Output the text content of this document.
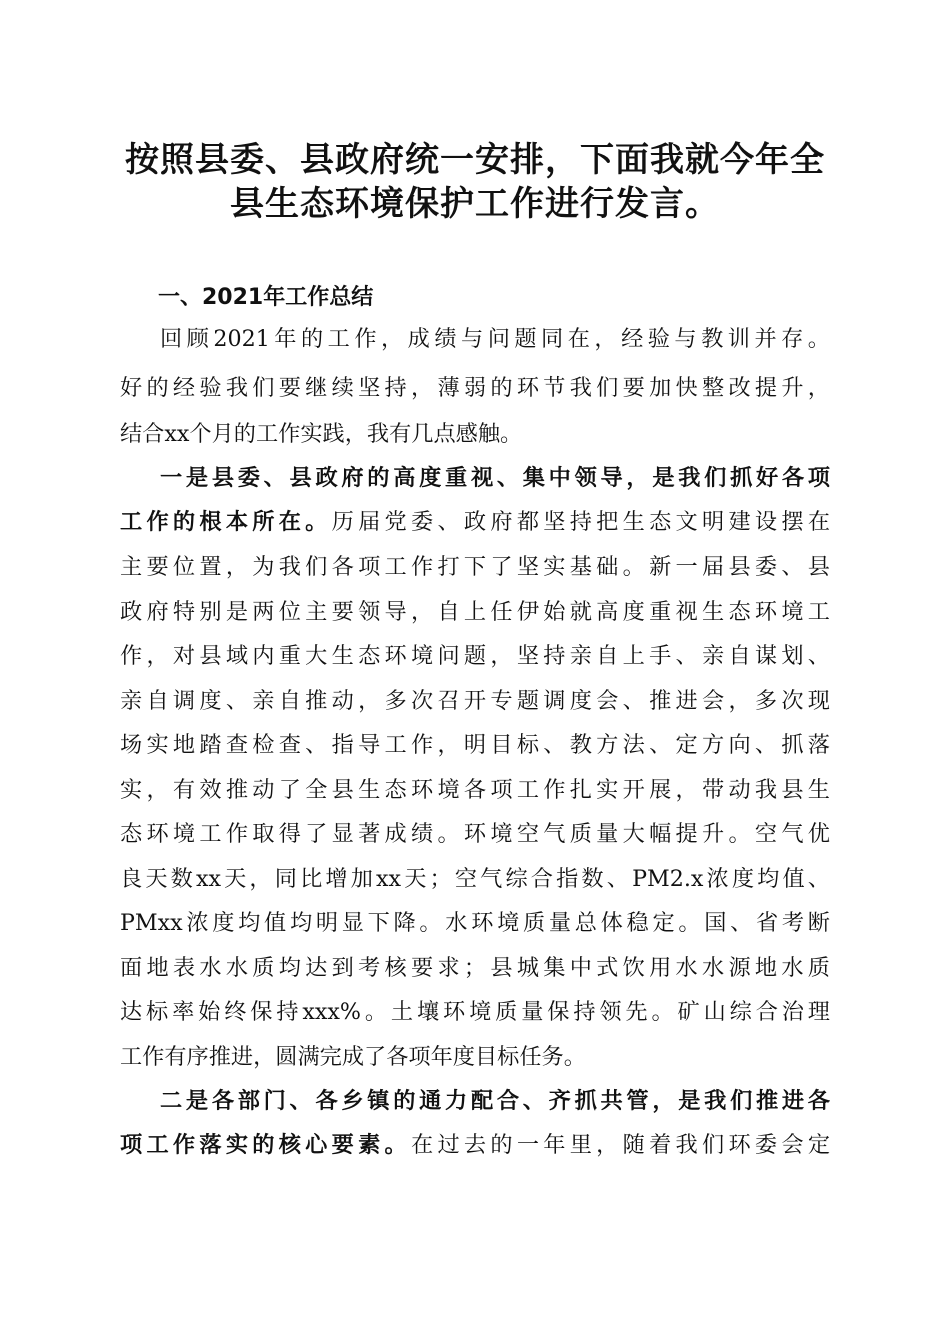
按照县委、县政府统一安排，下面我就今年全
县生态环境保护工作进行发言。
一、2021年工作总结

回顾2021年的工作，成绩与问题同在，经验与教训并存。

好的经验我们要继续坚持，薄弱的环节我们要加快整改提升，

结合xx个月的工作实践，我有几点感触。

一是县委、县政府的高度重视、集中领导，是我们抓好各项

工作的根本所在。历届党委、政府都坚持把生态文明建设摆在

主要位置，为我们各项工作打下了坚实基础。新一届县委、县

政府特别是两位主要领导，自上任伊始就高度重视生态环境工

作，对县域内重大生态环境问题，坚持亲自上手、亲自谋划、

亲自调度、亲自推动，多次召开专题调度会、推进会，多次现

场实地踏查检查、指导工作，明目标、教方法、定方向、抓落

实，有效推动了全县生态环境各项工作扎实开展，带动我县生

态环境工作取得了显著成绩。环境空气质量大幅提升。空气优

良天数xx天，同比增加xx天；空气综合指数、PM2.x浓度均值、

PMxx浓度均值均明显下降。水环境质量总体稳定。国、省考断

面地表水水质均达到考核要求；县城集中式饮用水水源地水质

达标率始终保持xxx%。土壤环境质量保持领先。矿山综合治理

工作有序推进，圆满完成了各项年度目标任务。

二是各部门、各乡镇的通力配合、齐抓共管，是我们推进各

项工作落实的核心要素。在过去的一年里，随着我们环委会定
